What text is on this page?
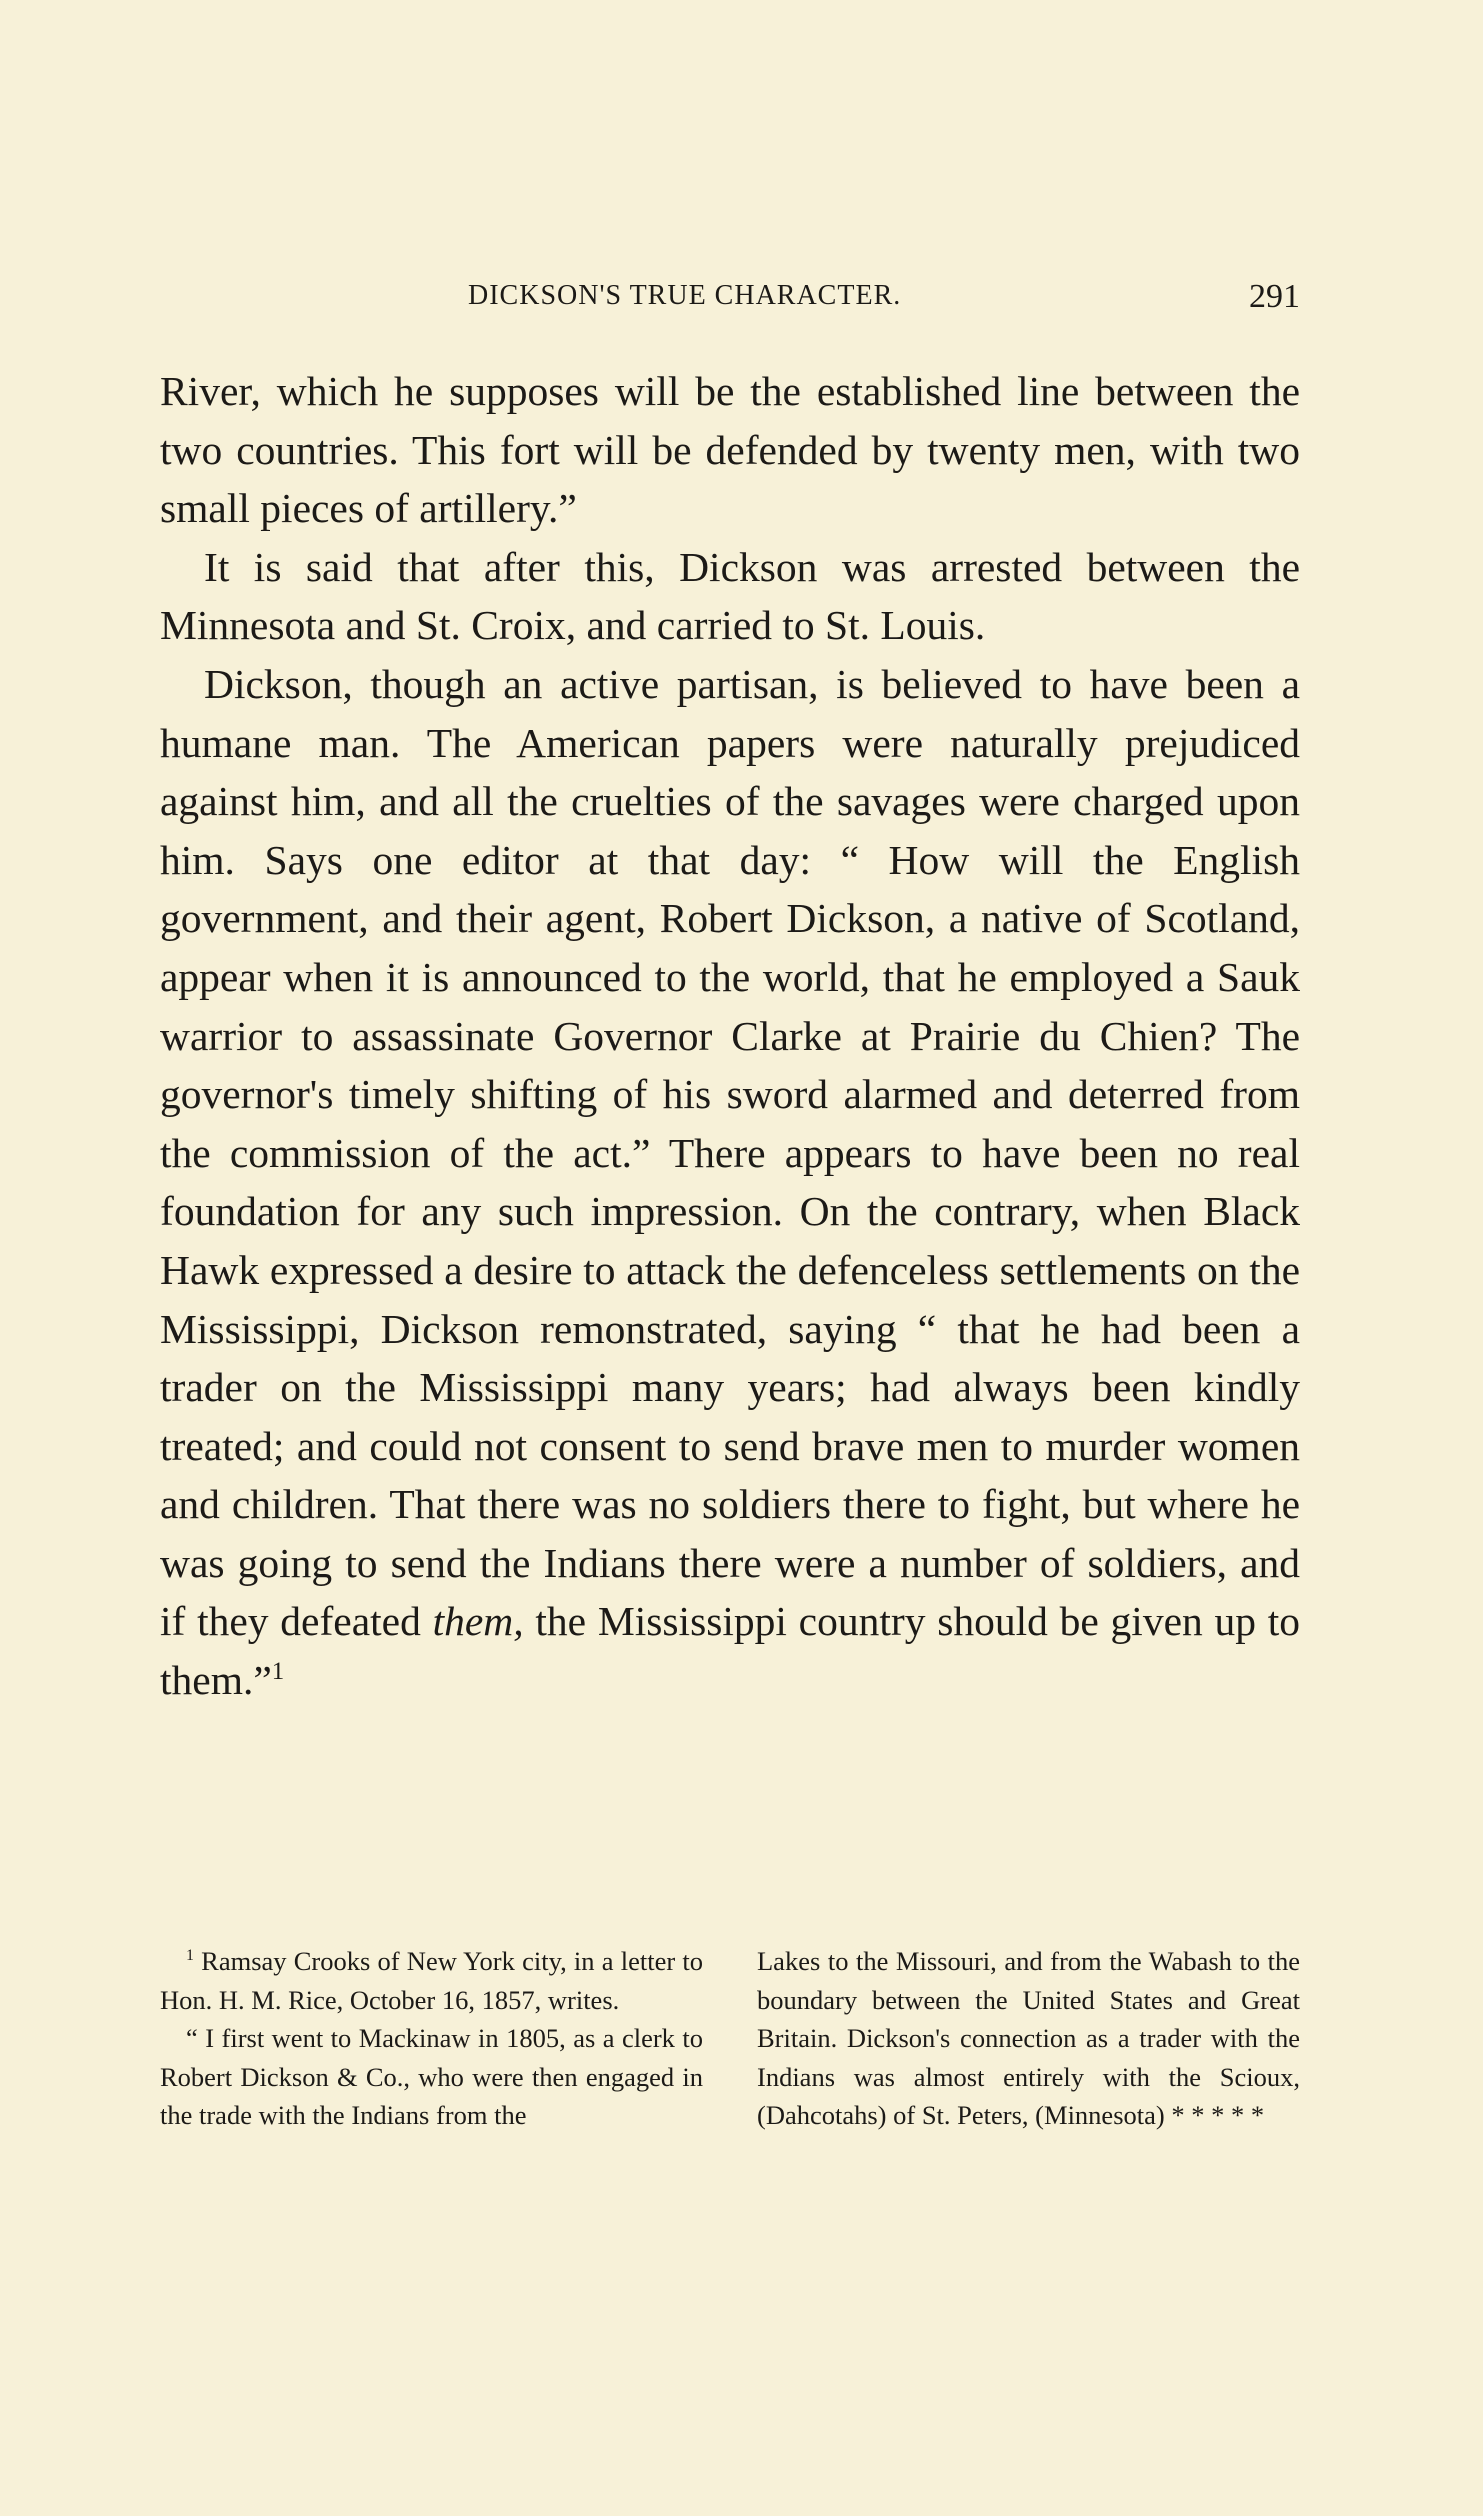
DICKSON'S TRUE CHARACTER.	291

River, which he supposes will be the established line between the two countries. This fort will be defended by twenty men, with two small pieces of artillery.”

It is said that after this, Dickson was arrested between the Minnesota and St. Croix, and carried to St. Louis.

Dickson, though an active partisan, is believed to have been a humane man. The American papers were naturally prejudiced against him, and all the cruelties of the savages were charged upon him. Says one editor at that day: “ How will the English government, and their agent, Robert Dickson, a native of Scotland, appear when it is announced to the world, that he employed a Sauk warrior to assassinate Governor Clarke at Prairie du Chien? The governor's timely shifting of his sword alarmed and deterred from the commission of the act.” There appears to have been no real foundation for any such impression. On the contrary, when Black Hawk expressed a desire to attack the defenceless settlements on the Mississippi, Dickson remonstrated, saying “ that he had been a trader on the Mississippi many years; had always been kindly treated; and could not consent to send brave men to murder women and children. That there was no soldiers there to fight, but where he was going to send the Indians there were a number of soldiers, and if they defeated them, the Mississippi country should be given up to them.”$^1$

$^1$ Ramsay Crooks of New York city, in a letter to Hon. H. M. Rice, October 16, 1857, writes.

“ I first went to Mackinaw in 1805, as a clerk to Robert Dickson & Co., who were then engaged in the trade with the Indians from the

Lakes to the Missouri, and from the Wabash to the boundary between the United States and Great Britain. Dickson's connection as a trader with the Indians was almost entirely with the Scioux, (Dahcotahs) of St. Peters, (Minnesota) * * * * *
